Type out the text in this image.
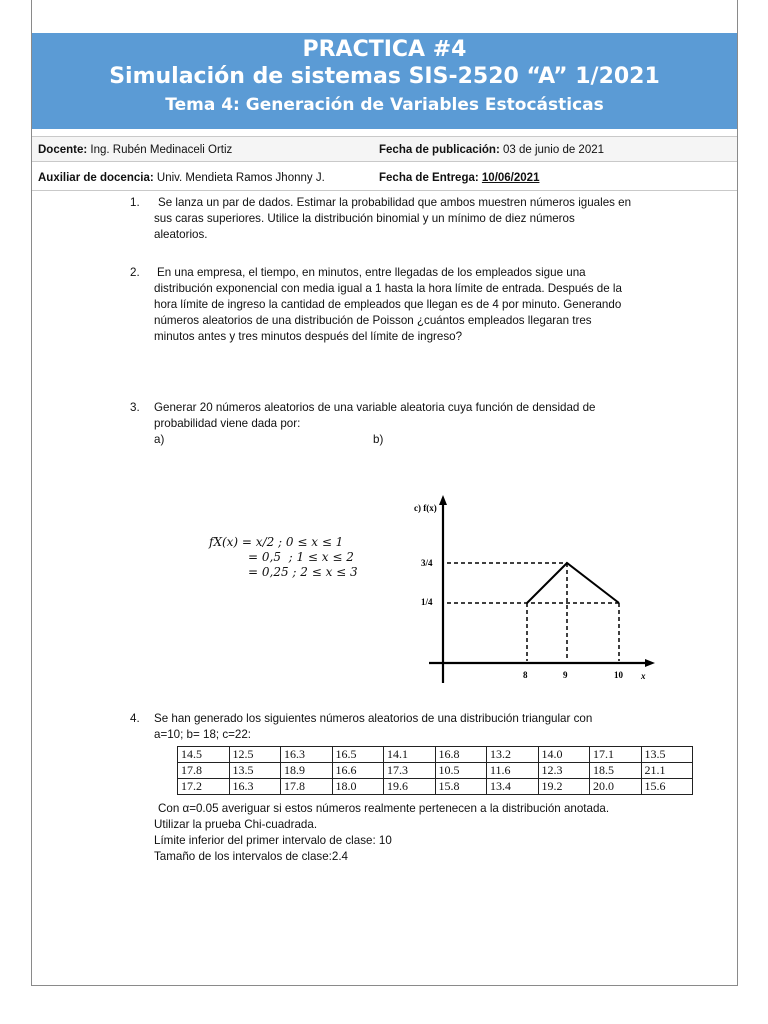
PRACTICA #4
Simulación de sistemas SIS-2520 “A” 1/2021
Tema 4: Generación de Variables Estocásticas
Docente: Ing. Rubén Medinaceli Ortiz	Fecha de publicación: 03 de junio de 2021
Auxiliar de docencia: Univ. Mendieta Ramos Jhonny J.	Fecha de Entrega: 10/06/2021
1.	Se lanza un par de dados. Estimar la probabilidad que ambos muestren números iguales en
sus caras superiores. Utilice la distribución binomial y un mínimo de diez números
aleatorios.
2. En una empresa, el tiempo, en minutos, entre llegadas de los empleados sigue una
distribución exponencial con media igual a 1 hasta la hora límite de entrada. Después de la
hora límite de ingreso la cantidad de empleados que llegan es de 4 por minuto. Generando
números aleatorios de una distribución de Poisson ¿cuántos empleados llegaran tres
minutos antes y tres minutos después del límite de ingreso?
3. Generar 20 números aleatorios de una variable aleatoria cuya función de densidad de
probabilidad viene dada por:
a)	b)
fX(x) = x/2 ; 0 ≤ x ≤ 1
= 0,5  ; 1 ≤ x ≤ 2
= 0,25 ; 2 ≤ x ≤ 3
c) f(x)
3/4
1/4
8	9	10 x
4. Se han generado los siguientes números aleatorios de una distribución triangular con
a=10; b= 18; c=22:
14.5	12.5	16.3	16.5	14.1	16.8	13.2	14.0	17.1	13.5
17.8	13.5	18.9	16.6	17.3	10.5	11.6	12.3	18.5	21.1
17.2	16.3	17.8	18.0	19.6	15.8	13.4	19.2	20.0	15.6
Con α=0.05 averiguar si estos números realmente pertenecen a la distribución anotada.
Utilizar la prueba Chi-cuadrada.
Límite inferior del primer intervalo de clase: 10
Tamaño de los intervalos de clase:2.4
